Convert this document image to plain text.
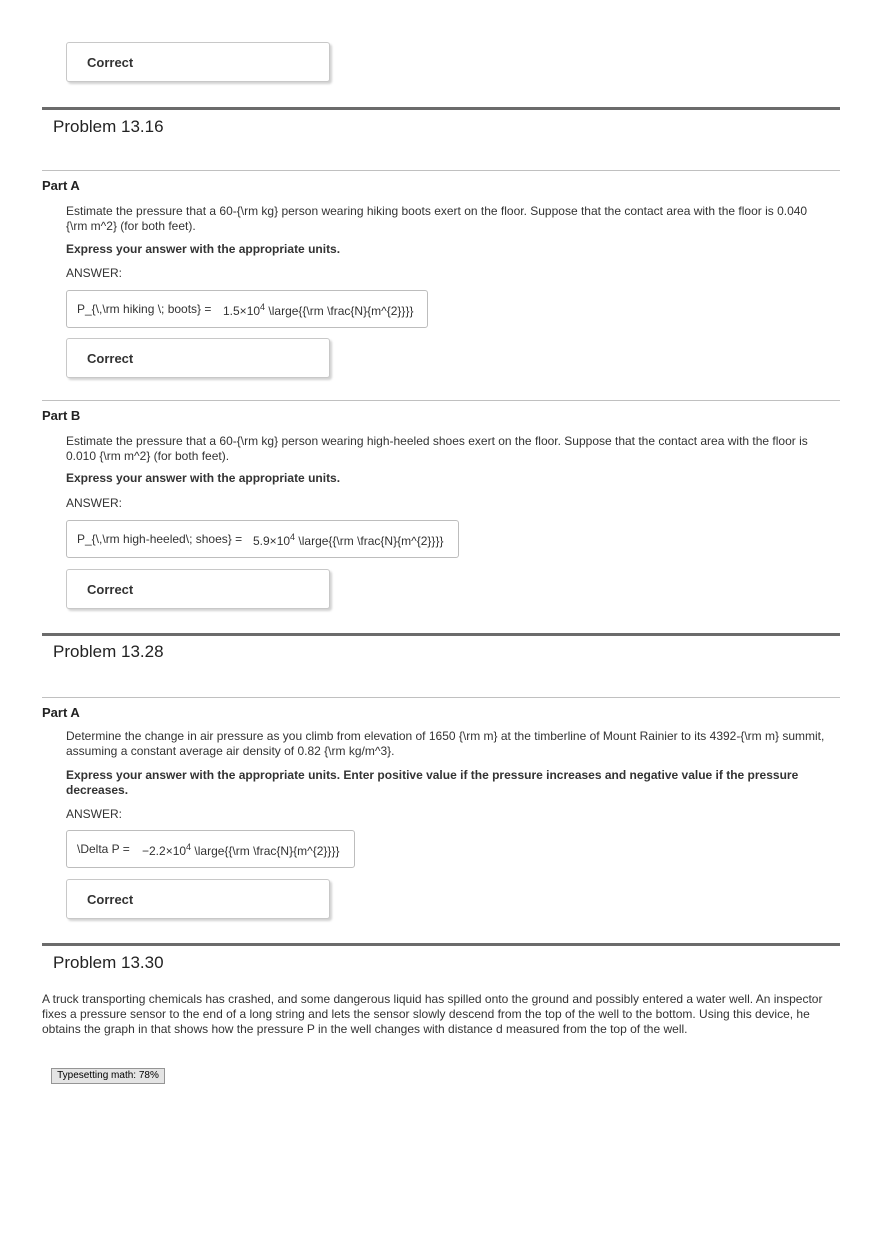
Correct
Problem 13.16
Part A
Estimate the pressure that a 60-{\rm kg} person wearing hiking boots exert on the floor. Suppose that the contact area with the floor is 0.040 {\rm m^2} (for both feet).
Express your answer with the appropriate units.
ANSWER:
P_{\,\rm hiking \; boots} = $1.5\times 10^4$ \large{{\rm \frac{N}{m^{2}}}}
Correct
Part B
Estimate the pressure that a 60-{\rm kg} person wearing high-heeled shoes exert on the floor. Suppose that the contact area with the floor is 0.010 {\rm m^2} (for both feet).
Express your answer with the appropriate units.
ANSWER:
P_{\,\rm high-heeled\; shoes} = $5.9\times 10^4$ \large{{\rm \frac{N}{m^{2}}}}
Correct
Problem 13.28
Part A
Determine the change in air pressure as you climb from elevation of 1650 {\rm m} at the timberline of Mount Rainier to its 4392-{\rm m} summit, assuming a constant average air density of 0.82 {\rm kg/m^3}.
Express your answer with the appropriate units. Enter positive value if the pressure increases and negative value if the pressure decreases.
ANSWER:
\Delta $P = -2.2\times 10^4$ \large{{\rm \frac{N}{m^{2}}}}
Correct
Problem 13.30
A truck transporting chemicals has crashed, and some dangerous liquid has spilled onto the ground and possibly entered a water well. An inspector fixes a pressure sensor to the end of a long string and lets the sensor slowly descend from the top of the well to the bottom. Using this device, he obtains the graph in that shows how the pressure P in the well changes with distance d measured from the top of the well.
Typesetting math: 78%
